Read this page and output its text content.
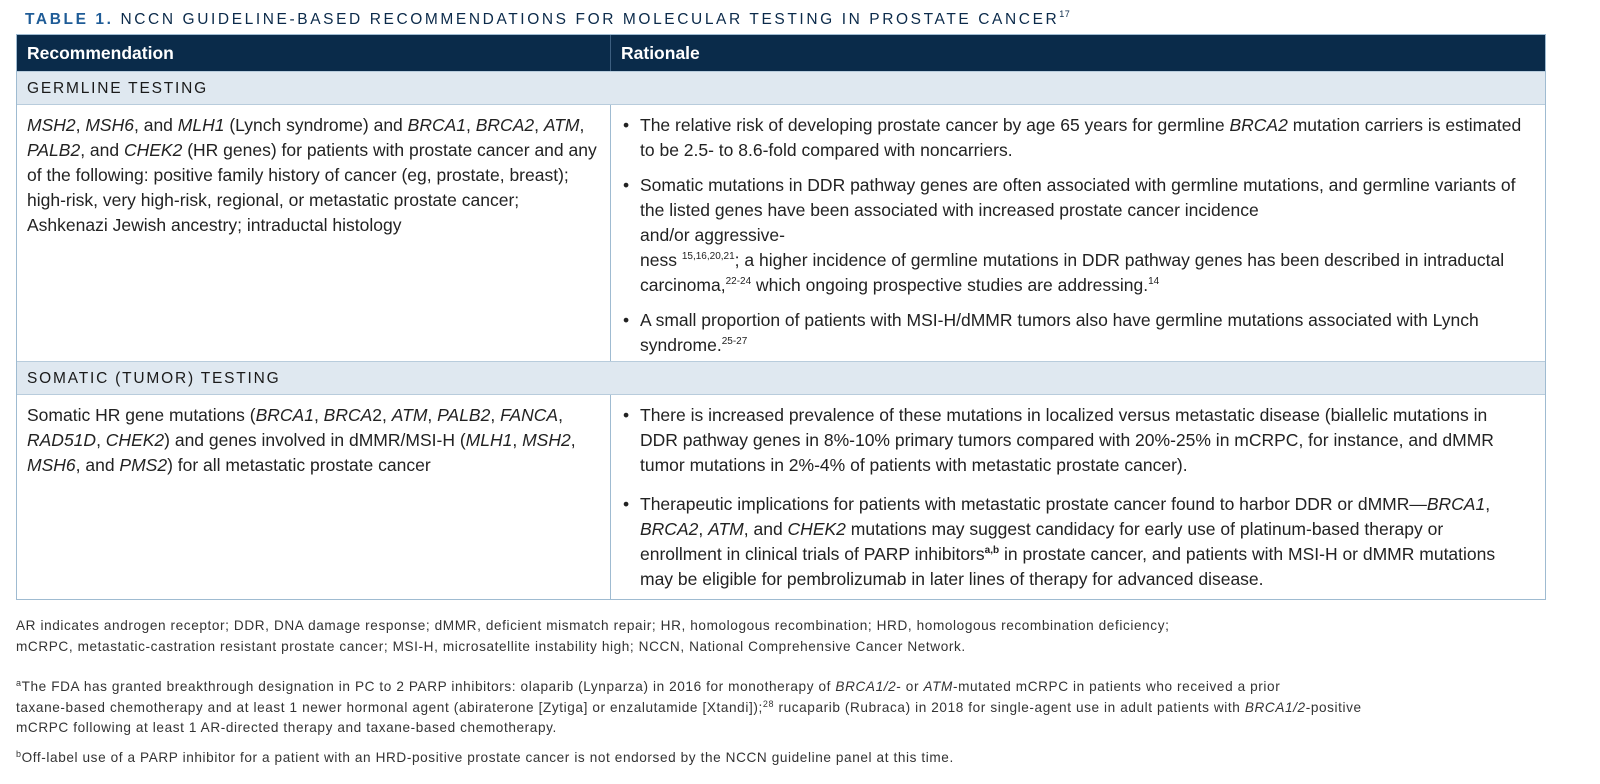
TABLE 1. NCCN GUIDELINE-BASED RECOMMENDATIONS FOR MOLECULAR TESTING IN PROSTATE CANCER$^{17}$
Recommendation	Rationale
GERMLINE TESTING
MSH2, MSH6, and MLH1 (Lynch syndrome) and BRCA1, BRCA2, ATM, PALB2, and CHEK2 (HR genes) for patients with prostate cancer and any of the following: positive family history of cancer (eg, prostate, breast); high-risk, very high-risk, regional, or metastatic prostate cancer; Ashkenazi Jewish ancestry; intraductal histology
• The relative risk of developing prostate cancer by age 65 years for germline BRCA2 mutation carriers is estimated to be 2.5- to 8.6-fold compared with noncarriers.
• Somatic mutations in DDR pathway genes are often associated with germline mutations, and germline variants of the listed genes have been associated with increased prostate cancer incidence
and/or aggressive-
ness $^{15,16,20,21}$; a higher incidence of germline mutations in DDR pathway genes has been described in intraductal carcinoma,$^{22-24}$ which ongoing prospective studies are addressing.$^{14}$
• A small proportion of patients with MSI-H/dMMR tumors also have germline mutations associated with Lynch syndrome.$^{25-27}$
SOMATIC (TUMOR) TESTING
Somatic HR gene mutations (BRCA1, BRCA2, ATM, PALB2, FANCA, RAD51D, CHEK2) and genes involved in dMMR/MSI-H (MLH1, MSH2, MSH6, and PMS2) for all metastatic prostate cancer
• There is increased prevalence of these mutations in localized versus metastatic disease (biallelic mutations in DDR pathway genes in 8%-10% primary tumors compared with 20%-25% in mCRPC, for instance, and dMMR tumor mutations in 2%-4% of patients with metastatic prostate cancer).
• Therapeutic implications for patients with metastatic prostate cancer found to harbor DDR or dMMR—BRCA1, BRCA2, ATM, and CHEK2 mutations may suggest candidacy for early use of platinum-based therapy or enrollment in clinical trials of PARP inhibitors$^{a,b}$ in prostate cancer, and patients with MSI-H or dMMR mutations may be eligible for pembrolizumab in later lines of therapy for advanced disease.
AR indicates androgen receptor; DDR, DNA damage response; dMMR, deficient mismatch repair; HR, homologous recombination; HRD, homologous recombination deficiency;
mCRPC, metastatic-castration resistant prostate cancer; MSI-H, microsatellite instability high; NCCN, National Comprehensive Cancer Network.
$^a$The FDA has granted breakthrough designation in PC to 2 PARP inhibitors: olaparib (Lynparza) in 2016 for monotherapy of BRCA1/2- or ATM-mutated mCRPC in patients who received a prior
taxane-based chemotherapy and at least 1 newer hormonal agent (abiraterone [Zytiga] or enzalutamide [Xtandi]);$^{28}$ rucaparib (Rubraca) in 2018 for single-agent use in adult patients with BRCA1/2-positive
mCRPC following at least 1 AR-directed therapy and taxane-based chemotherapy.
$^b$Off-label use of a PARP inhibitor for a patient with an HRD-positive prostate cancer is not endorsed by the NCCN guideline panel at this time.
